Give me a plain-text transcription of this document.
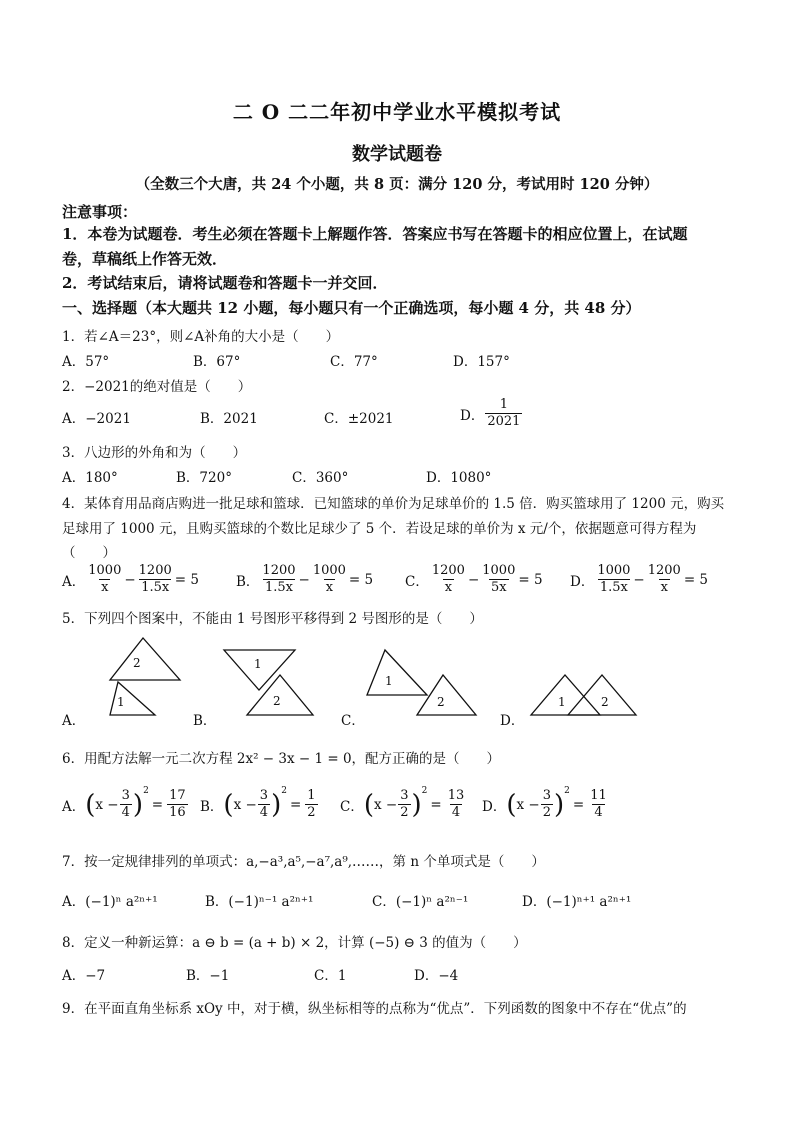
二 O 二二年初中学业水平模拟考试
数学试题卷
（全数三个大唐，共 24 个小题，共 8 页：满分 120 分，考试用时 120 分钟）
注意事项：
1．本卷为试题卷．考生必须在答题卡上解题作答．答案应书写在答题卡的相应位置上，在试题
卷，草稿纸上作答无效．
2．考试结束后，请将试题卷和答题卡一并交回．
一、选择题（本大题共 12 小题，每小题只有一个正确选项，每小题 4 分，共 48 分）
1．若∠A＝23°，则∠A补角的大小是（　　）
A．57°	B．67°	C．77°	D．157°
2．−2021的绝对值是（　　）
A．−2021	B．2021	C．±2021	D． $\frac{1}{2021}$
3．八边形的外角和为（　　）
A．180°	B．720°	C．360°	D．1080°
4．某体育用品商店购进一批足球和篮球．已知篮球的单价为足球单价的 1.5 倍．购买篮球用了 1200 元，购买
足球用了 1000 元，且购买篮球的个数比足球少了 5 个．若设足球的单价为 x 元/个，依据题意可得方程为
（　　）
A． $\frac{1000}{x} - \frac{1200}{1.5x} = 5$	B． $\frac{1200}{1.5x} - \frac{1000}{x} = 5$ C． $\frac{1200}{x} - \frac{1000}{5x} = 5$ D． $\frac{1000}{1.5x} - \frac{1200}{x} = 5$
5．下列四个图案中，不能由 1 号图形平移得到 2 号图形的是（　　）
1
2	1
2
1
2	1	2
A．	B．	C．	D．
6．用配方法解一元二次方程 2x² − 3x − 1 = 0，配方正确的是（　　）
A． ( $x - \frac{3}{4} )^2$
= $\frac{17}{16}$ B． ( $x - \frac{3}{4} )^2$
= $\frac{1}{2}$ C． ( $x - \frac{3}{2} )^2$
= $\frac{13}{4}$ D． ( $x - \frac{3}{2} )^2$
= $\frac{11}{4}$
7．按一定规律排列的单项式：a,−a³,a⁵,−a⁷,a⁹,……，第 n 个单项式是（　　）
A．(−1)ⁿ a²ⁿ⁺¹	B．(−1)ⁿ⁻¹ a²ⁿ⁺¹	C．(−1)ⁿ a²ⁿ⁻¹	D．(−1)ⁿ⁺¹ a²ⁿ⁺¹
8．定义一种新运算：a ⊖ b = (a + b) × 2，计算 (−5) ⊖ 3 的值为（　　）
A．−7	B．−1	C．1	D．−4
9．在平面直角坐标系 xOy 中，对于横，纵坐标相等的点称为“优点”．下列函数的图象中不存在“优点”的
